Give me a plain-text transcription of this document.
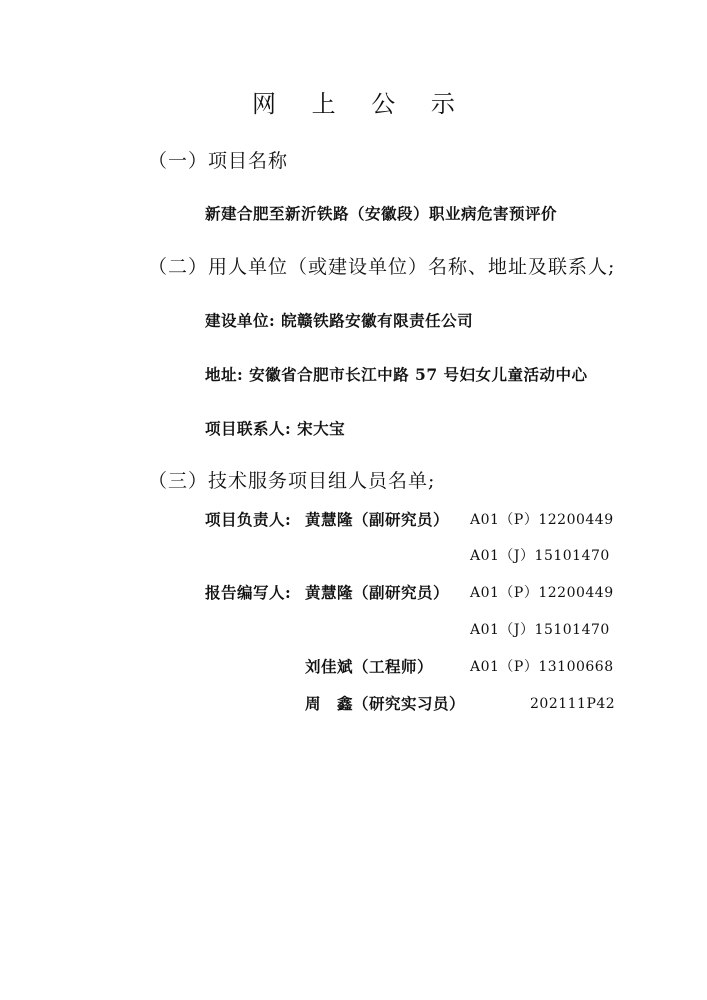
网 上 公 示
（一）项目名称
新建合肥至新沂铁路（安徽段）职业病危害预评价
（二）用人单位（或建设单位）名称、地址及联系人;
建设单位: 皖赣铁路安徽有限责任公司
地址: 安徽省合肥市长江中路 57 号妇女儿童活动中心
项目联系人: 宋大宝
（三）技术服务项目组人员名单;
项目负责人: 黄慧隆（副研究员） A01（P）12200449
A01（J）15101470
报告编写人: 黄慧隆（副研究员） A01（P）12200449
A01（J）15101470
刘佳斌（工程师）	A01（P）13100668
周　鑫（研究实习员）	202111P42
